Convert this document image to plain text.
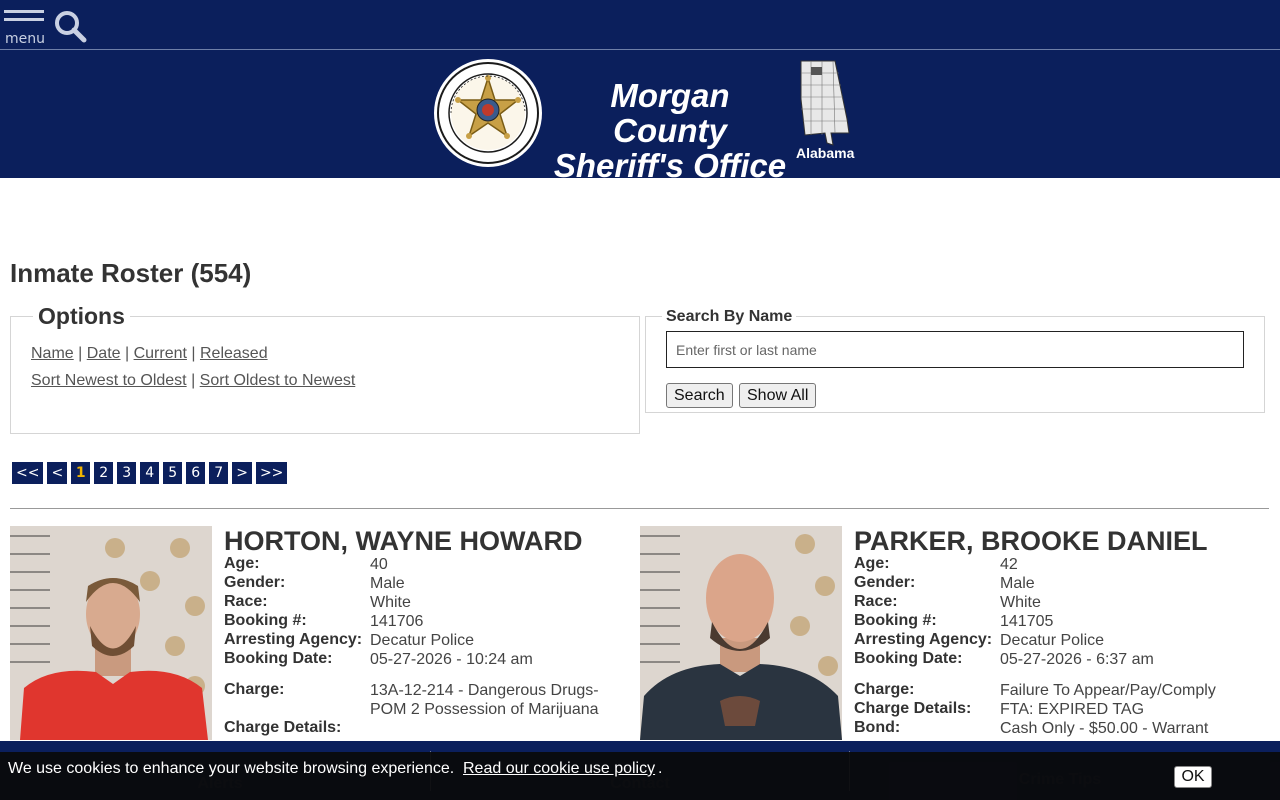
menu
Morgan County
Sheriff's Office Alabama
Inmate Roster (554)
Options
Name | Date | Current | Released
Sort Newest to Oldest | Sort Oldest to Newest
Search By Name
Enter first or last name
Search	Show All
<< < 1 2	3	4	5	6	7 > >>
HORTON, WAYNE HOWARD
Age:	40
Gender:	Male
Race:	White
Booking #:	141706
Arresting Agency: Decatur Police
Booking Date: 05-27-2026 - 10:24 am
Charge:	13A-12-214 - Dangerous Drugs-
POM 2 Possession of Marijuana
Charge Details:
PARKER, BROOKE DANIEL
Age:	42
Gender:	Male
Race:	White
Booking #:	141705
Arresting Agency: Decatur Police
Booking Date: 05-27-2026 - 6:37 am
Charge:	Failure To Appear/Pay/Comply
Charge Details: FTA: EXPIRED TAG
Bond:	Cash Only - $50.00 - Warrant
We use cookies to enhance your website browsing experience. Read our cookie use policy .	OK
